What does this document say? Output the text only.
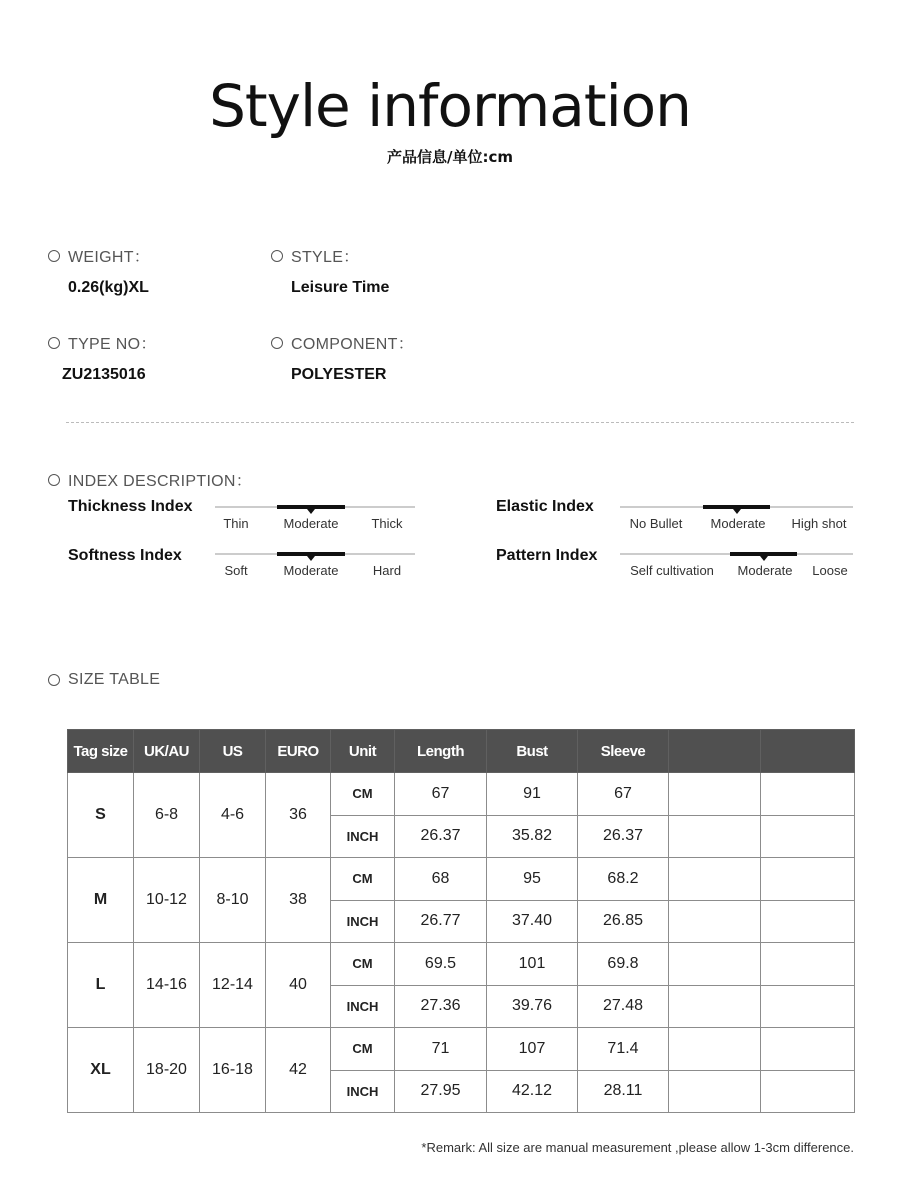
Style information
产品信息/单位:cm
WEIGHT：
0.26(kg)XL
STYLE：
Leisure Time
TYPE NO：
ZU2135016
COMPONENT：
POLYESTER
INDEX DESCRIPTION：
Thickness Index
Thin	Moderate	Thick
Softness Index
Soft	Moderate	Hard
Elastic Index
No Bullet Moderate High shot
Pattern Index
Self cultivation Moderate Loose
SIZE TABLE
Tag size	UK/AU	US	EURO	Unit	Length	Bust	Sleeve		
S	6-8	4-6	36	CM	67	91	67		
				INCH	26.37	35.82	26.37		
M	10-12	8-10	38	CM	68	95	68.2		
				INCH	26.77	37.40	26.85		
L	14-16	12-14	40	CM	69.5	101	69.8		
				INCH	27.36	39.76	27.48		
XL	18-20	16-18	42	CM	71	107	71.4		
				INCH	27.95	42.12	28.11		
*Remark: All size are manual measurement ,please allow 1-3cm difference.
